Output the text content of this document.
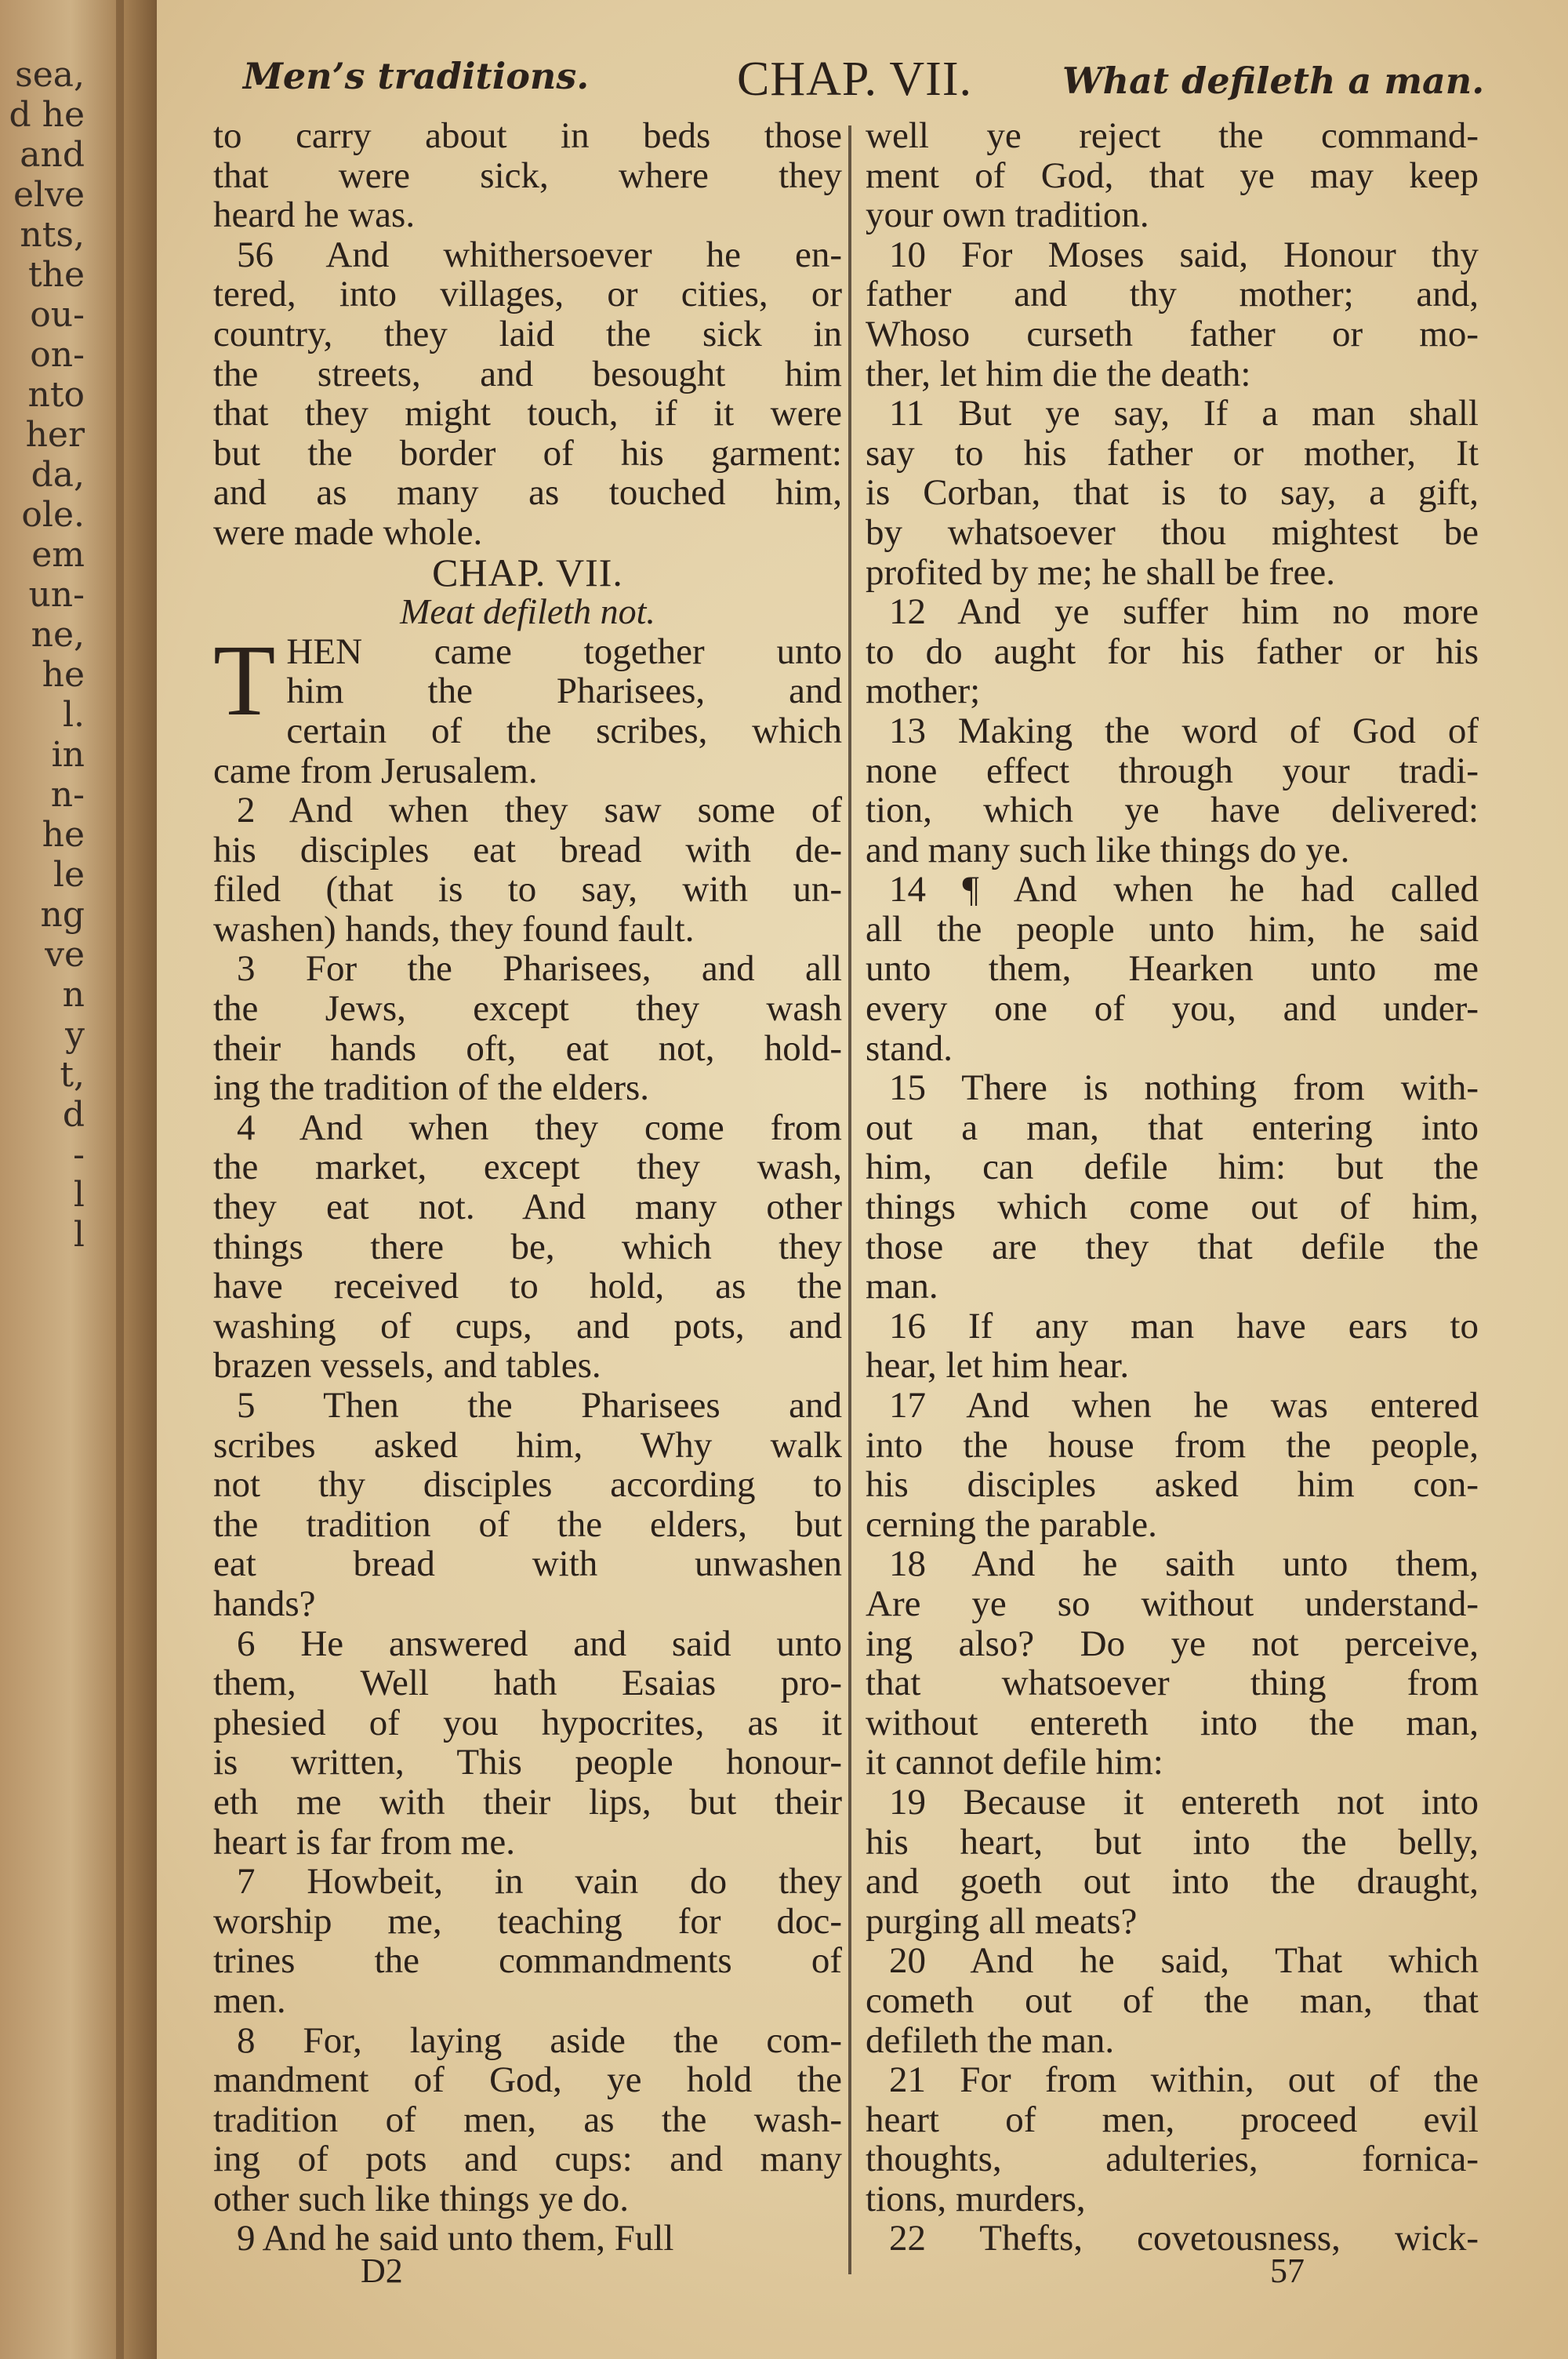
sea,
d he
and
elve
nts,
the
ou-
on-
nto
her
da,
ole.
em
un-
ne,
he
l.
in
n-
he
le
ng
ve
n
y
t,
d
-
l
l
Men’s traditions.	CHAP. VII.	What defileth a man.
to carry about in beds those
that were sick, where they
heard he was.
56 And whithersoever he en-
tered, into villages, or cities, or
country, they laid the sick in
the streets, and besought him
that they might touch, if it were
but the border of his garment:
and as many as touched him,
were made whole.
CHAP. VII.
Meat defileth not.
T HEN came together unto
him the Pharisees, and
certain of the scribes, which
came from Jerusalem.
2 And when they saw some of
his disciples eat bread with de-
filed (that is to say, with un-
washen) hands, they found fault.
3 For the Pharisees, and all
the Jews, except they wash
their hands oft, eat not, hold-
ing the tradition of the elders.
4 And when they come from
the market, except they wash,
they eat not. And many other
things there be, which they
have received to hold, as the
washing of cups, and pots, and
brazen vessels, and tables.
5 Then the Pharisees and
scribes asked him, Why walk
not thy disciples according to
the tradition of the elders, but
eat bread with unwashen
hands?
6 He answered and said unto
them, Well hath Esaias pro-
phesied of you hypocrites, as it
is written, This people honour-
eth me with their lips, but their
heart is far from me.
7 Howbeit, in vain do they
worship me, teaching for doc-
trines the commandments of
men.
8 For, laying aside the com-
mandment of God, ye hold the
tradition of men, as the wash-
ing of pots and cups: and many
other such like things ye do.
9 And he said unto them, Full
well ye reject the command-
ment of God, that ye may keep
your own tradition.
10 For Moses said, Honour thy
father and thy mother; and,
Whoso curseth father or mo-
ther, let him die the death:
11 But ye say, If a man shall
say to his father or mother, It
is Corban, that is to say, a gift,
by whatsoever thou mightest be
profited by me; he shall be free.
12 And ye suffer him no more
to do aught for his father or his
mother;
13 Making the word of God of
none effect through your tradi-
tion, which ye have delivered:
and many such like things do ye.
14 ¶ And when he had called
all the people unto him, he said
unto them, Hearken unto me
every one of you, and under-
stand.
15 There is nothing from with-
out a man, that entering into
him, can defile him: but the
things which come out of him,
those are they that defile the
man.
16 If any man have ears to
hear, let him hear.
17 And when he was entered
into the house from the people,
his disciples asked him con-
cerning the parable.
18 And he saith unto them,
Are ye so without understand-
ing also? Do ye not perceive,
that whatsoever thing from
without entereth into the man,
it cannot defile him:
19 Because it entereth not into
his heart, but into the belly,
and goeth out into the draught,
purging all meats?
20 And he said, That which
cometh out of the man, that
defileth the man.
21 For from within, out of the
heart of men, proceed evil
thoughts, adulteries, fornica-
tions, murders,
22 Thefts, covetousness, wick-
D2	57
